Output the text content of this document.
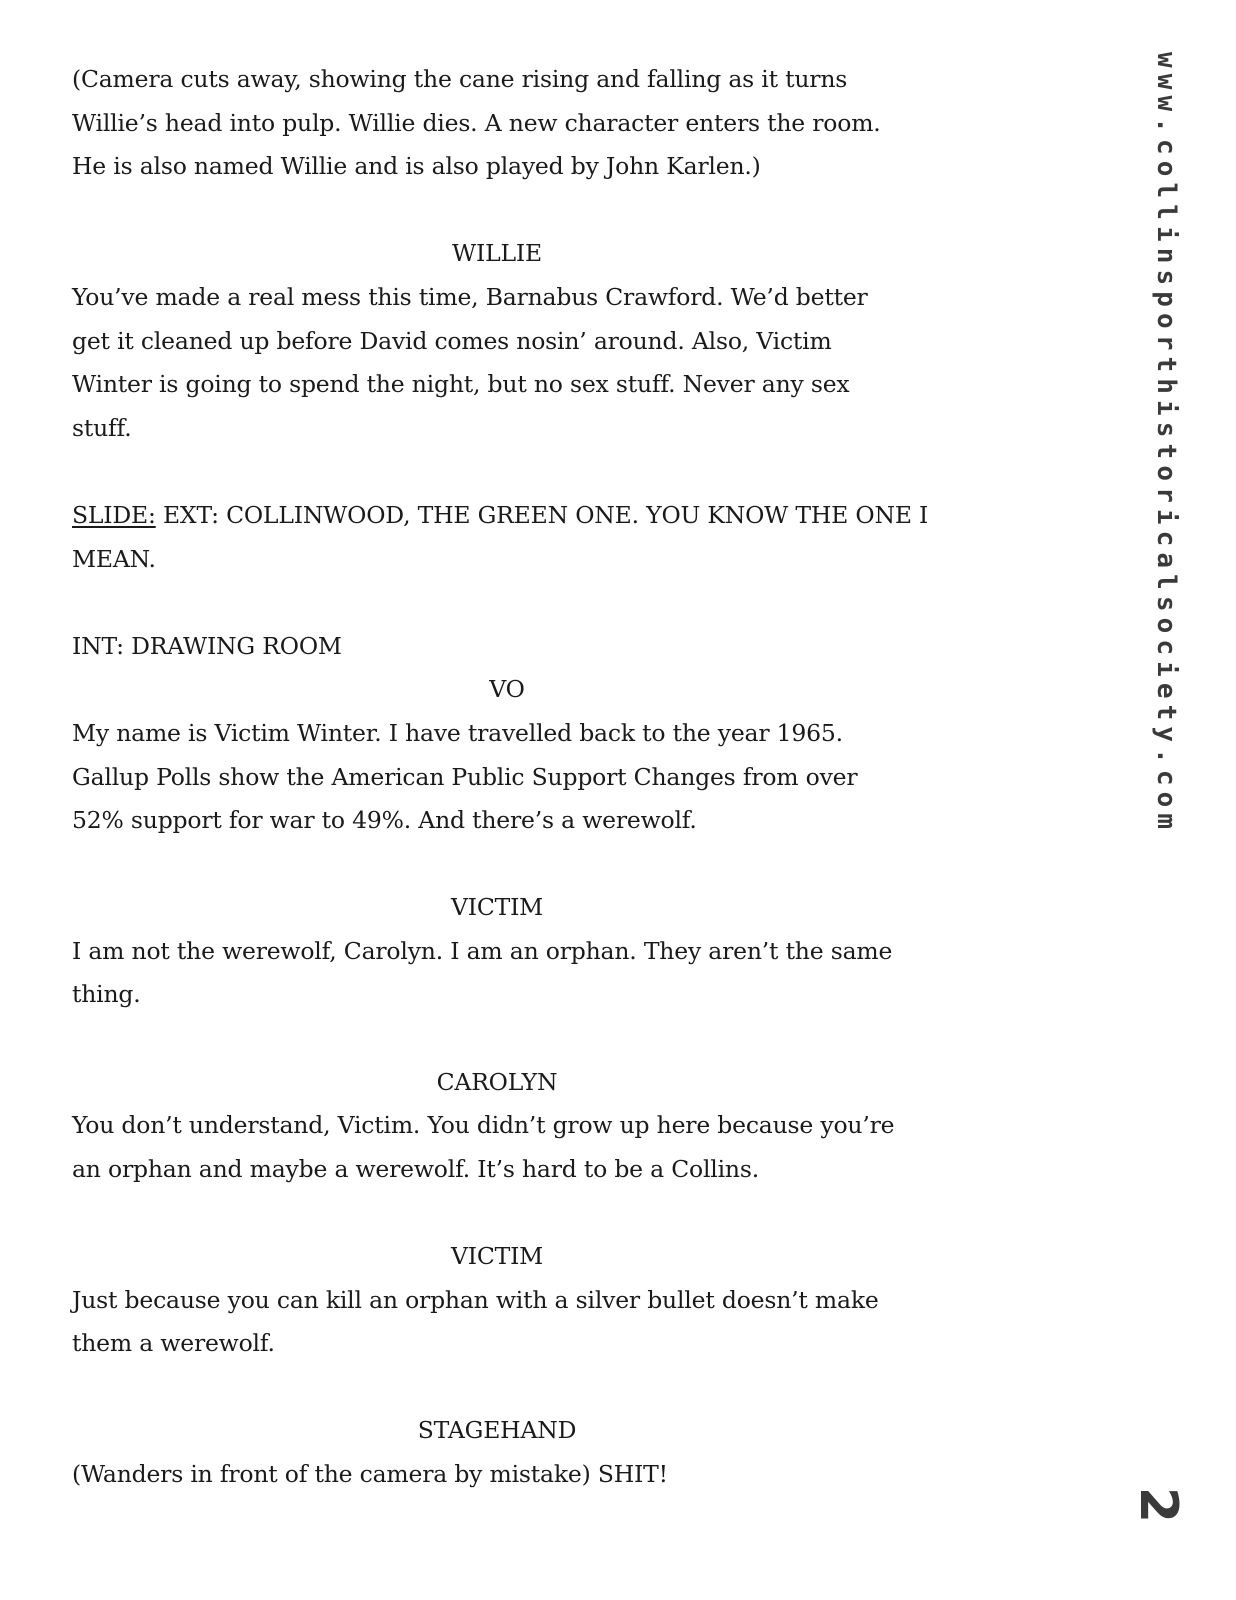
(Camera cuts away, showing the cane rising and falling as it turns
Willie’s head into pulp. Willie dies. A new character enters the room.
He is also named Willie and is also played by John Karlen.)
WILLIE
You’ve made a real mess this time, Barnabus Crawford. We’d better
get it cleaned up before David comes nosin’ around. Also, Victim
Winter is going to spend the night, but no sex stuff. Never any sex
stuff.
SLIDE: EXT: COLLINWOOD, THE GREEN ONE. YOU KNOW THE ONE I
MEAN.
INT: DRAWING ROOM
VO
My name is Victim Winter. I have travelled back to the year 1965.
Gallup Polls show the American Public Support Changes from over
52% support for war to 49%. And there’s a werewolf.
VICTIM
I am not the werewolf, Carolyn. I am an orphan. They aren’t the same
thing.
CAROLYN
You don’t understand, Victim. You didn’t grow up here because you’re
an orphan and maybe a werewolf. It’s hard to be a Collins.
VICTIM
Just because you can kill an orphan with a silver bullet doesn’t make
them a werewolf.
STAGEHAND
(Wanders in front of the camera by mistake) SHIT!
www.collinsporthistoricalsociety.com
2
